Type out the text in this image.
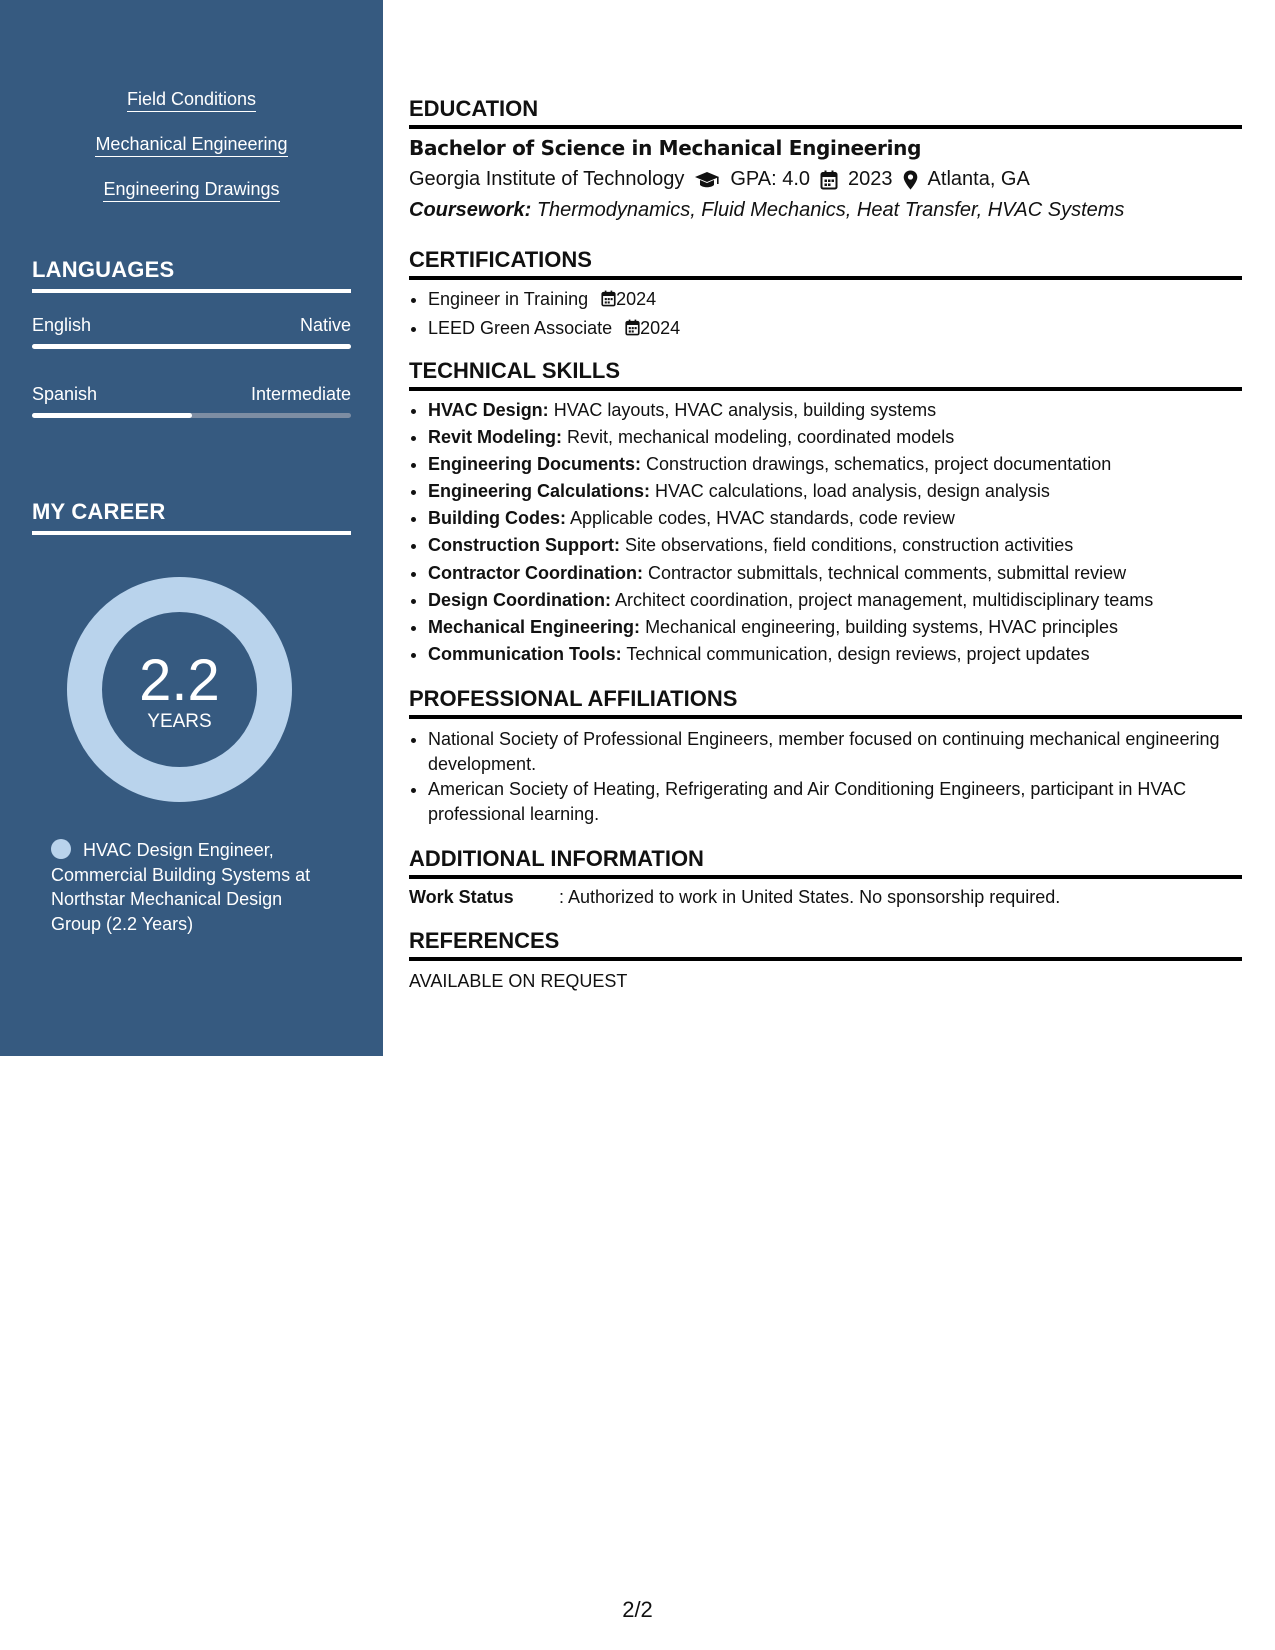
Field Conditions
Mechanical Engineering
Engineering Drawings
LANGUAGES
English	Native
Spanish	Intermediate
MY CAREER
2.2
YEARS
HVAC Design Engineer, Commercial Building Systems at Northstar Mechanical Design Group (2.2 Years)
EDUCATION
Bachelor of Science in Mechanical Engineering
Georgia Institute of Technology GPA: 4.0 2023 Atlanta, GA
Coursework: Thermodynamics, Fluid Mechanics, Heat Transfer, HVAC Systems
CERTIFICATIONS
• Engineer in Training 2024
• LEED Green Associate 2024
TECHNICAL SKILLS
• HVAC Design: HVAC layouts, HVAC analysis, building systems
• Revit Modeling: Revit, mechanical modeling, coordinated models
• Engineering Documents: Construction drawings, schematics, project documentation
• Engineering Calculations: HVAC calculations, load analysis, design analysis
• Building Codes: Applicable codes, HVAC standards, code review
• Construction Support: Site observations, field conditions, construction activities
• Contractor Coordination: Contractor submittals, technical comments, submittal review
• Design Coordination: Architect coordination, project management, multidisciplinary teams
• Mechanical Engineering: Mechanical engineering, building systems, HVAC principles
• Communication Tools: Technical communication, design reviews, project updates
PROFESSIONAL AFFILIATIONS
• National Society of Professional Engineers, member focused on continuing mechanical engineering development.
• American Society of Heating, Refrigerating and Air Conditioning Engineers, participant in HVAC professional learning.
ADDITIONAL INFORMATION
Work Status	: Authorized to work in United States. No sponsorship required.
REFERENCES
AVAILABLE ON REQUEST
2/2
